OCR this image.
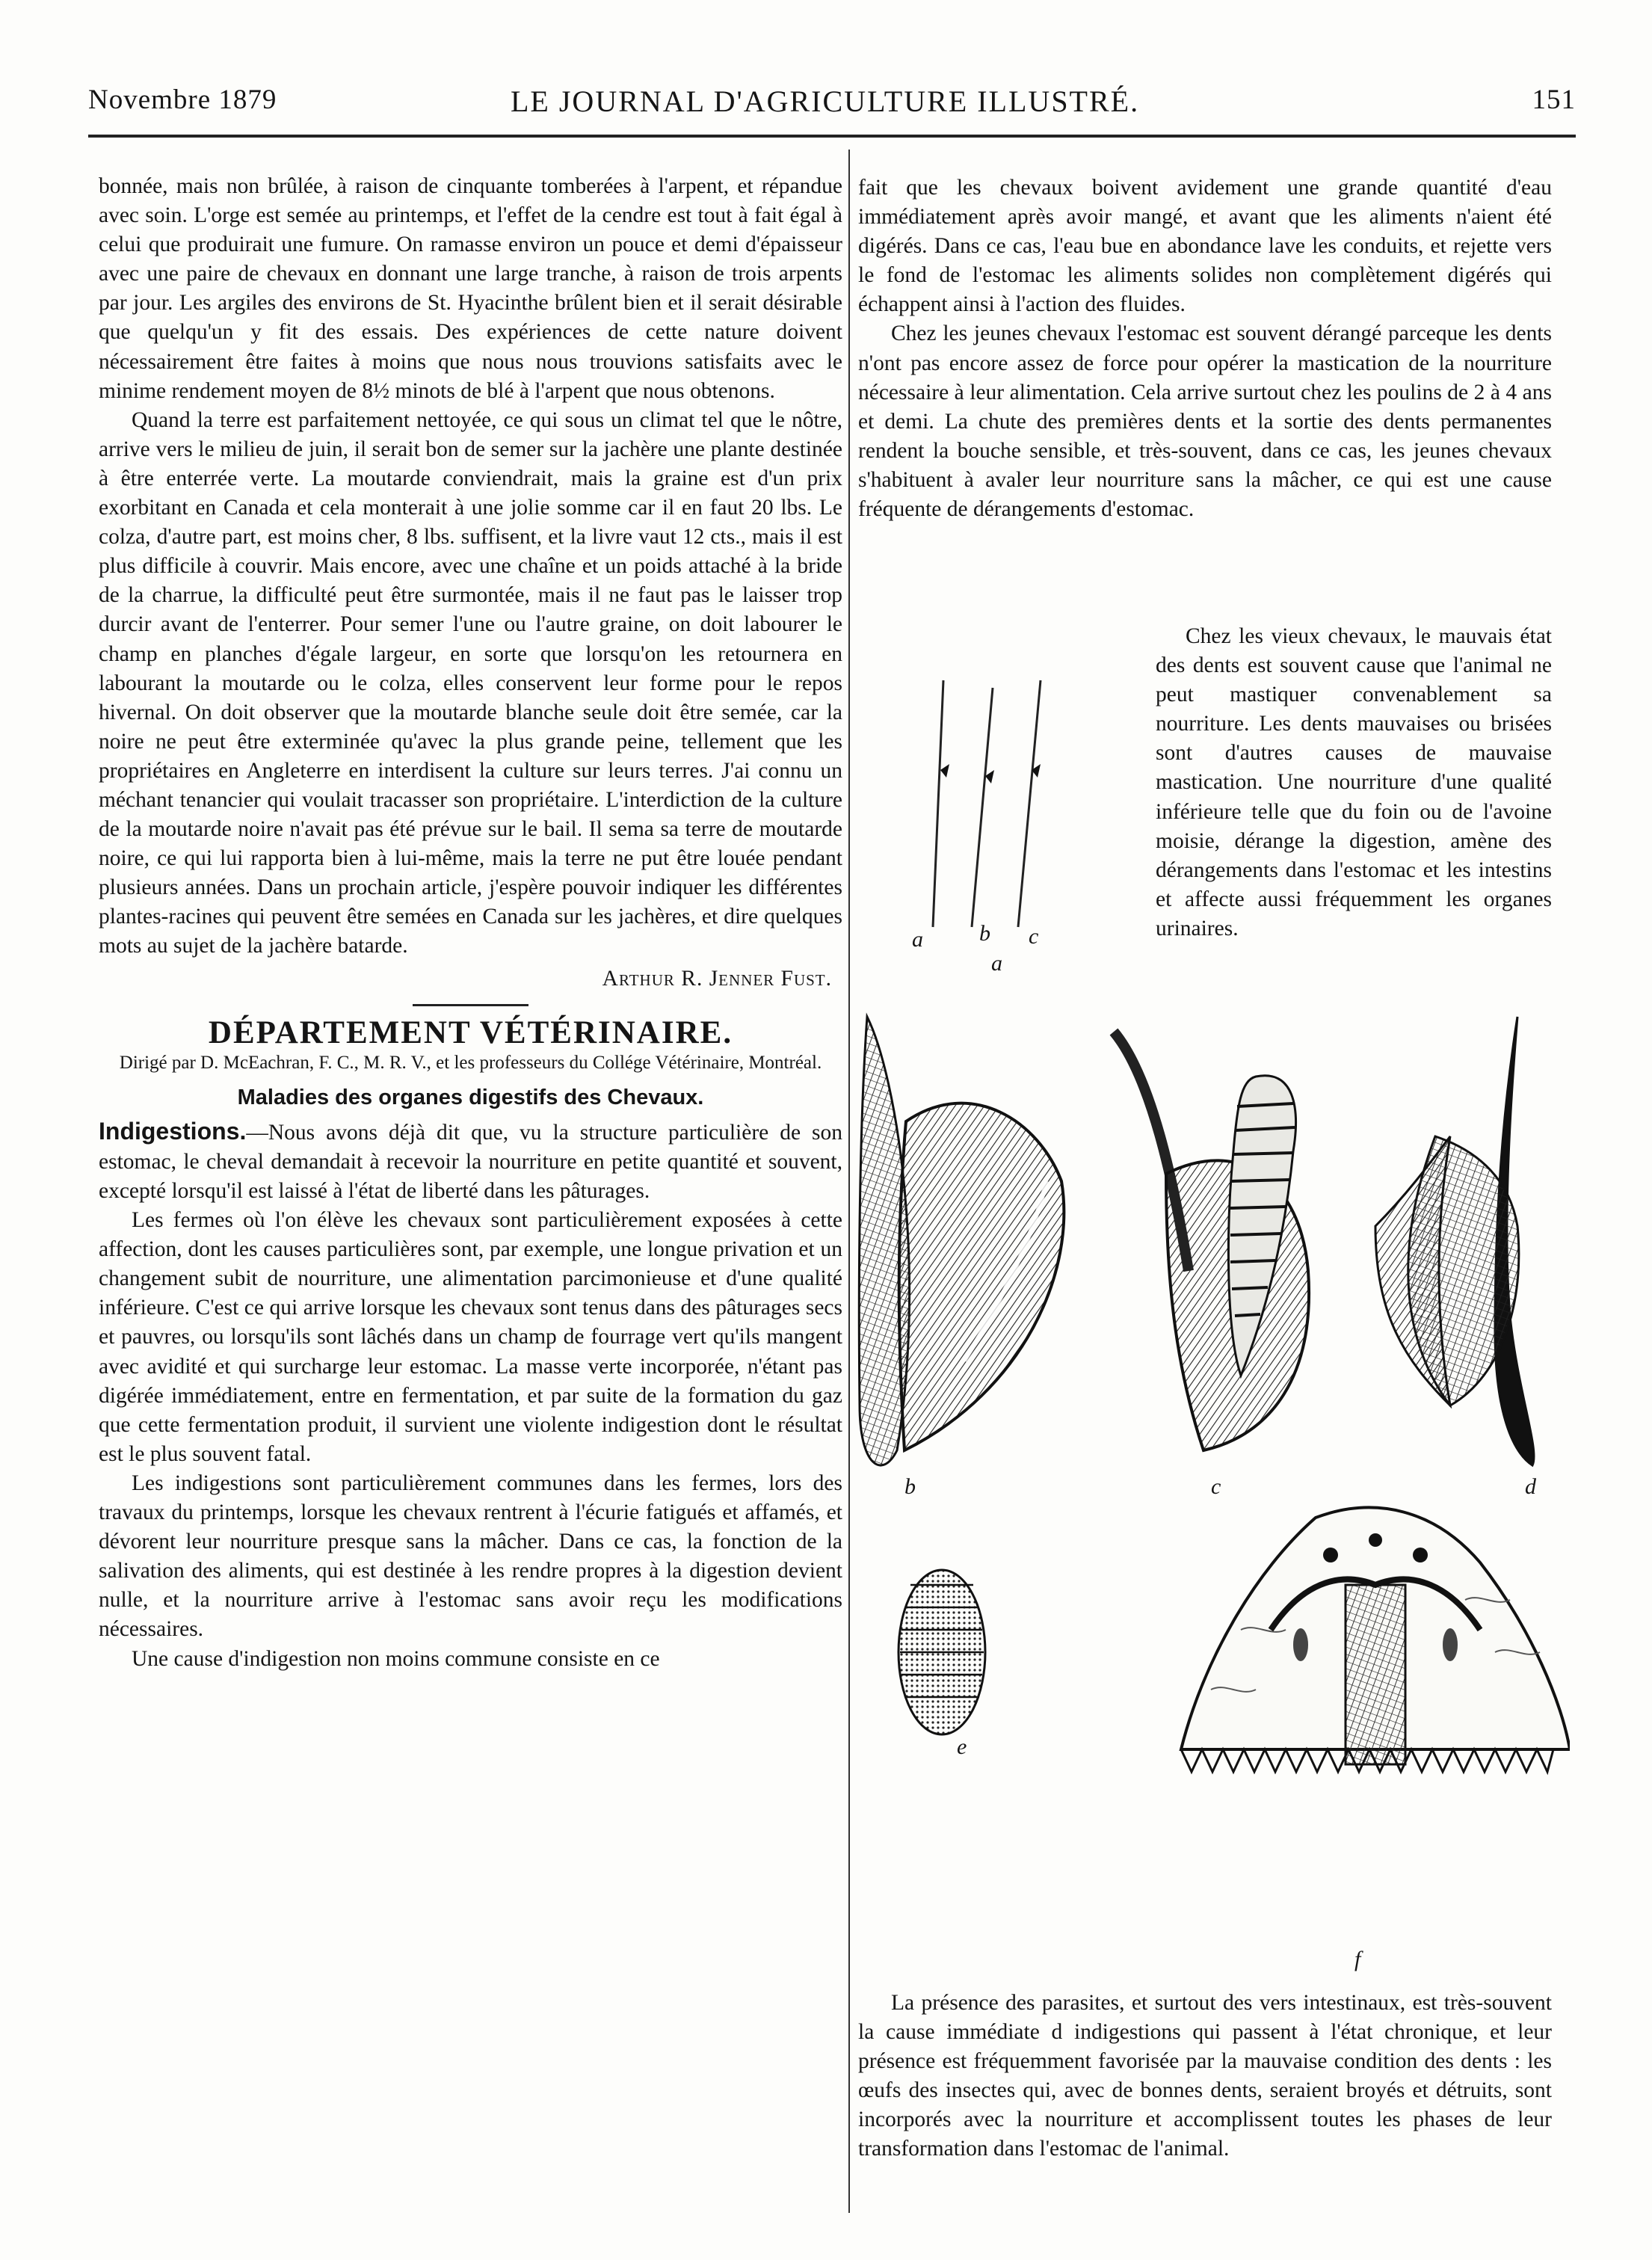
Novembre 1879	LE JOURNAL D'AGRICULTURE ILLUSTRÉ.	151

bonnée, mais non brûlée, à raison de cinquante tomberées à l'arpent, et répandue avec soin. L'orge est semée au printemps, et l'effet de la cendre est tout à fait égal à celui que produirait une fumure. On ramasse environ un pouce et demi d'épaisseur avec une paire de chevaux en donnant une large tranche, à raison de trois arpents par jour. Les argiles des environs de St. Hyacinthe brûlent bien et il serait désirable que quelqu'un y fit des essais. Des expériences de cette nature doivent nécessairement être faites à moins que nous nous trouvions satisfaits avec le minime rendement moyen de 8½ minots de blé à l'arpent que nous obtenons.

Quand la terre est parfaitement nettoyée, ce qui sous un climat tel que le nôtre, arrive vers le milieu de juin, il serait bon de semer sur la jachère une plante destinée à être enterrée verte. La moutarde conviendrait, mais la graine est d'un prix exorbitant en Canada et cela monterait à une jolie somme car il en faut 20 lbs. Le colza, d'autre part, est moins cher, 8 lbs. suffisent, et la livre vaut 12 cts., mais il est plus difficile à couvrir. Mais encore, avec une chaîne et un poids attaché à la bride de la charrue, la difficulté peut être surmontée, mais il ne faut pas le laisser trop durcir avant de l'enterrer. Pour semer l'une ou l'autre graine, on doit labourer le champ en planches d'égale largeur, en sorte que lorsqu'on les retournera en labourant la moutarde ou le colza, elles conservent leur forme pour le repos hivernal. On doit observer que la moutarde blanche seule doit être semée, car la noire ne peut être exterminée qu'avec la plus grande peine, tellement que les propriétaires en Angleterre en interdisent la culture sur leurs terres. J'ai connu un méchant tenancier qui voulait tracasser son propriétaire. L'interdiction de la culture de la moutarde noire n'avait pas été prévue sur le bail. Il sema sa terre de moutarde noire, ce qui lui rapporta bien à lui-même, mais la terre ne put être louée pendant plusieurs années. Dans un prochain article, j'espère pouvoir indiquer les différentes plantes-racines qui peuvent être semées en Canada sur les jachères, et dire quelques mots au sujet de la jachère batarde.

Arthur R. Jenner Fust.

DÉPARTEMENT VÉTÉRINAIRE.

Dirigé par D. McEachran, F. C., M. R. V., et les professeurs du Collége Vétérinaire, Montréal.

Maladies des organes digestifs des Chevaux.

Indigestions.—Nous avons déjà dit que, vu la structure particulière de son estomac, le cheval demandait à recevoir la nourriture en petite quantité et souvent, excepté lorsqu'il est laissé à l'état de liberté dans les pâturages.

Les fermes où l'on élève les chevaux sont particulièrement exposées à cette affection, dont les causes particulières sont, par exemple, une longue privation et un changement subit de nourriture, une alimentation parcimonieuse et d'une qualité inférieure. C'est ce qui arrive lorsque les chevaux sont tenus dans des pâturages secs et pauvres, ou lorsqu'ils sont lâchés dans un champ de fourrage vert qu'ils mangent avec avidité et qui surcharge leur estomac. La masse verte incorporée, n'étant pas digérée immédiatement, entre en fermentation, et par suite de la formation du gaz que cette fermentation produit, il survient une violente indigestion dont le résultat est le plus souvent fatal.

Les indigestions sont particulièrement communes dans les fermes, lors des travaux du printemps, lorsque les chevaux rentrent à l'écurie fatigués et affamés, et dévorent leur nourriture presque sans la mâcher. Dans ce cas, la fonction de la salivation des aliments, qui est destinée à les rendre propres à la digestion devient nulle, et la nourriture arrive à l'estomac sans avoir reçu les modifications nécessaires.

Une cause d'indigestion non moins commune consiste en ce

fait que les chevaux boivent avidement une grande quantité d'eau immédiatement après avoir mangé, et avant que les aliments n'aient été digérés. Dans ce cas, l'eau bue en abondance lave les conduits, et rejette vers le fond de l'estomac les aliments solides non complètement digérés qui échappent ainsi à l'action des fluides.

Chez les jeunes chevaux l'estomac est souvent dérangé parceque les dents n'ont pas encore assez de force pour opérer la mastication de la nourriture nécessaire à leur alimentation. Cela arrive surtout chez les poulins de 2 à 4 ans et demi. La chute des premières dents et la sortie des dents permanentes rendent la bouche sensible, et très-souvent, dans ce cas, les jeunes chevaux s'habituent à avaler leur nourriture sans la mâcher, ce qui est une cause fréquente de dérangements d'estomac.

Chez les vieux chevaux, le mauvais état des dents est souvent cause que l'animal ne peut mastiquer convenablement sa nourriture. Les dents mauvaises ou brisées sont d'autres causes de mauvaise mastication. Une nourriture d'une qualité inférieure telle que du foin ou de l'avoine moisie, dérange la digestion, amène des dérangements dans l'estomac et les intestins et affecte aussi fréquemment les organes urinaires.

a	b c
a
b	c	d
e
f

La présence des parasites, et surtout des vers intestinaux, est très-souvent la cause immédiate d indigestions qui passent à l'état chronique, et leur présence est fréquemment favorisée par la mauvaise condition des dents : les œufs des insectes qui, avec de bonnes dents, seraient broyés et détruits, sont incorporés avec la nourriture et accomplissent toutes les phases de leur transformation dans l'estomac de l'animal.
